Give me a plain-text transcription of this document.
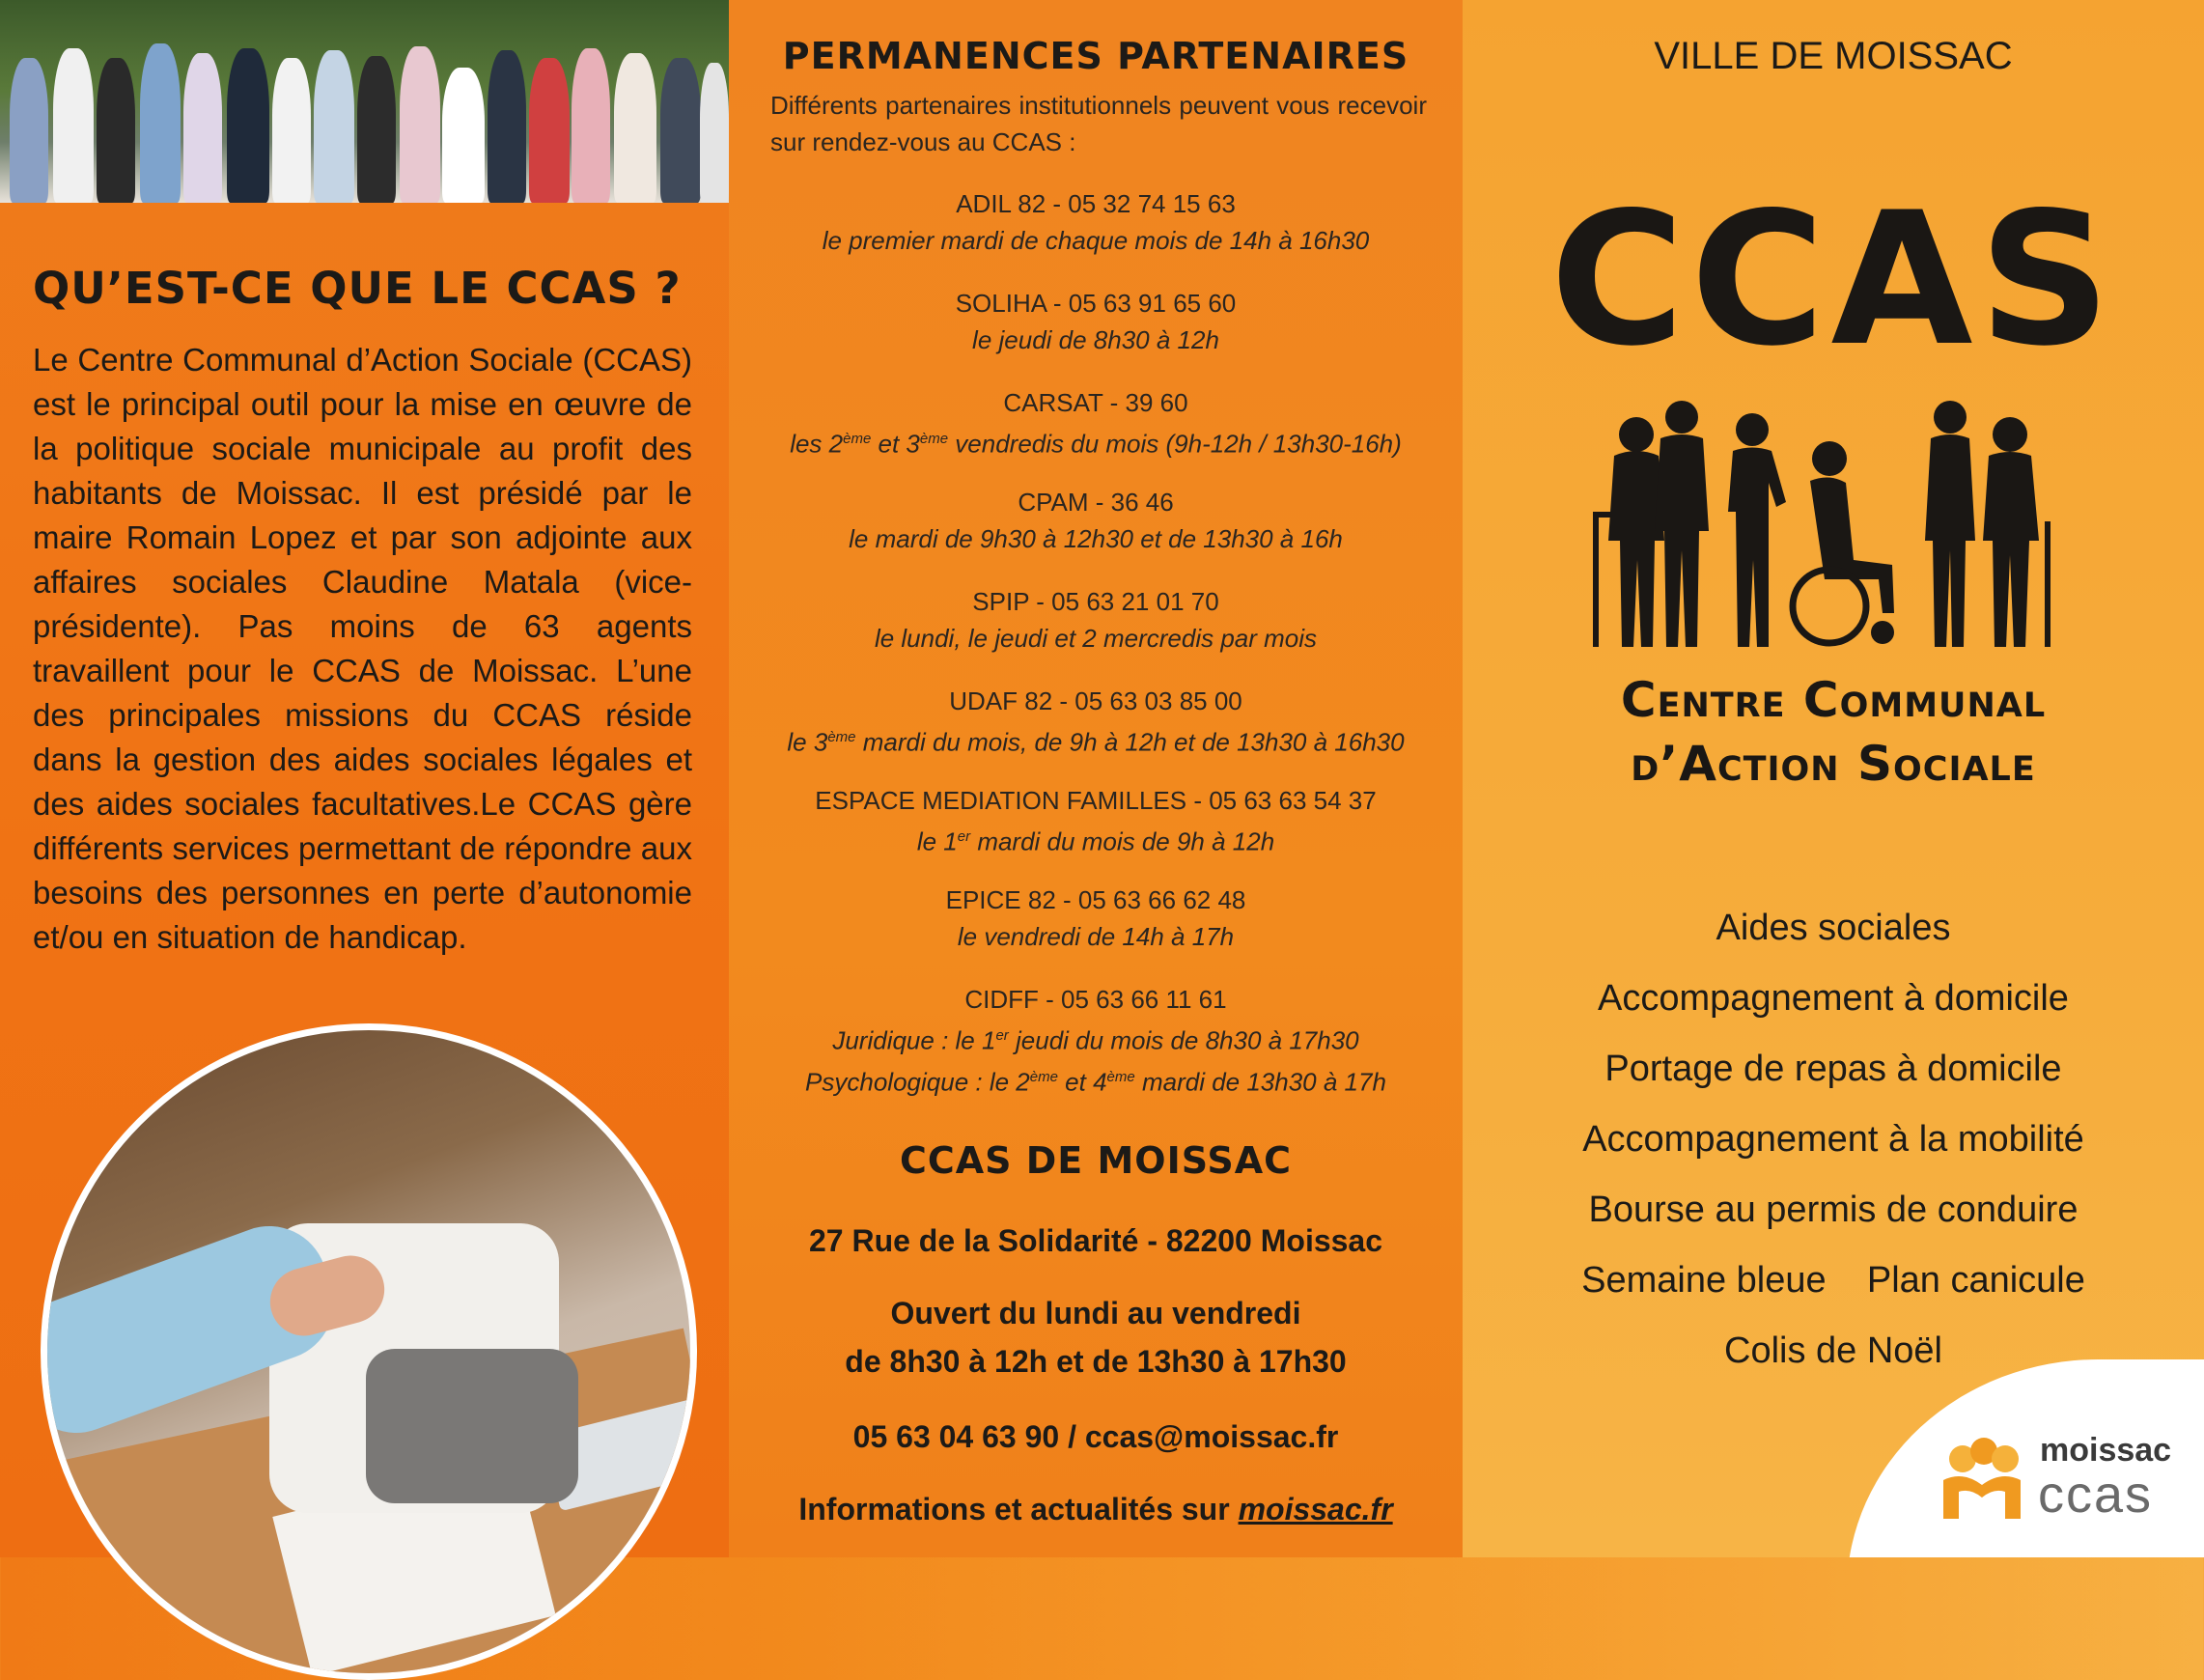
QU’EST-CE QUE LE CCAS ?
Le Centre Communal d’Action Sociale (CCAS) est le principal outil pour la mise en œuvre de la politique sociale municipale au profit des habitants de Moissac. Il est présidé par le maire Romain Lopez et par son adjointe aux affaires sociales Claudine Matala (vice-présidente). Pas moins de 63 agents travaillent pour le CCAS de Moissac. L’une des principales missions du CCAS réside dans la gestion des aides sociales légales et des aides sociales facultatives.Le CCAS gère différents services permettant de répondre aux besoins des personnes en perte d’autonomie et/ou en situation de handicap.
PERMANENCES PARTENAIRES
Différents partenaires institutionnels peuvent vous recevoir sur rendez-vous au CCAS :
ADIL 82 - 05 32 74 15 63
le premier mardi de chaque mois de 14h à 16h30
SOLIHA - 05 63 91 65 60
le jeudi de 8h30 à 12h
CARSAT - 39 60
les 2ème et 3ème vendredis du mois (9h-12h / 13h30-16h)
CPAM - 36 46
le mardi de 9h30 à 12h30 et de 13h30 à 16h
SPIP - 05 63 21 01 70
le lundi, le jeudi et 2 mercredis par mois
UDAF 82 - 05 63 03 85 00
le 3ème mardi du mois, de 9h à 12h et de 13h30 à 16h30
ESPACE MEDIATION FAMILLES - 05 63 63 54 37
le 1er mardi du mois de 9h à 12h
EPICE 82 - 05 63 66 62 48
le vendredi de 14h à 17h
CIDFF - 05 63 66 11 61
Juridique : le 1er jeudi du mois de 8h30 à 17h30
Psychologique : le 2ème et 4ème mardi de 13h30 à 17h
CCAS DE MOISSAC
27 Rue de la Solidarité - 82200 Moissac
Ouvert du lundi au vendredi
de 8h30 à 12h et de 13h30 à 17h30
05 63 04 63 90 / ccas@moissac.fr
Informations et actualités sur moissac.fr
VILLE DE MOISSAC
CCAS
Centre Communal
d’Action Sociale
Aides sociales
Accompagnement à domicile
Portage de repas à domicile
Accompagnement à la mobilité
Bourse au permis de conduire
Semaine bleue    Plan canicule
Colis de Noël
moissac
ccas
